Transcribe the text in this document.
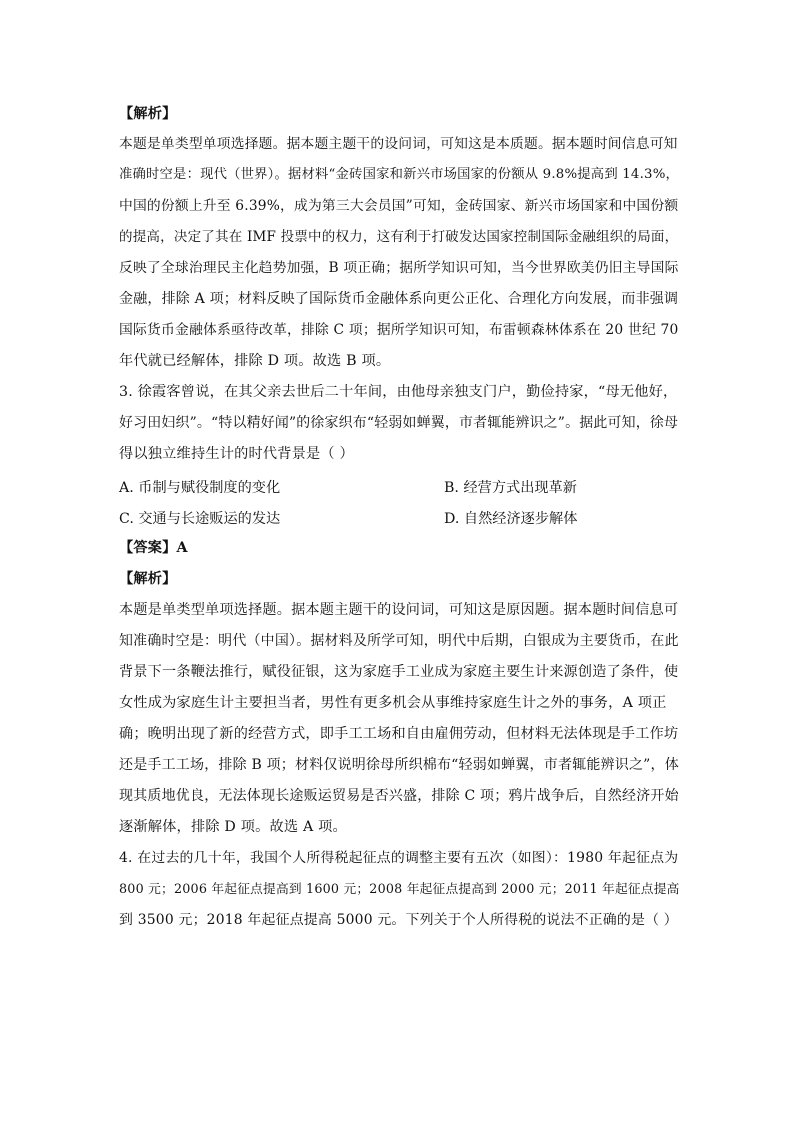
【解析】
本题是单类型单项选择题。据本题主题干的设问词，可知这是本质题。据本题时间信息可知
准确时空是：现代（世界）。据材料“金砖国家和新兴市场国家的份额从 9.8%提高到 14.3%，
中国的份额上升至 6.39%，成为第三大会员国”可知，金砖国家、新兴市场国家和中国份额
的提高，决定了其在 IMF 投票中的权力，这有利于打破发达国家控制国际金融组织的局面，
反映了全球治理民主化趋势加强，B 项正确；据所学知识可知，当今世界欧美仍旧主导国际
金融，排除 A 项；材料反映了国际货币金融体系向更公正化、合理化方向发展，而非强调
国际货币金融体系亟待改革，排除 C 项；据所学知识可知，布雷顿森林体系在 20 世纪 70
年代就已经解体，排除 D 项。故选 B 项。
3. 徐霞客曾说，在其父亲去世后二十年间，由他母亲独支门户，勤俭持家，“母无他好，
好习田妇织”。“特以精好闻”的徐家织布“轻弱如蝉翼，市者辄能辨识之”。据此可知，徐母
得以独立维持生计的时代背景是（ ）
A. 币制与赋役制度的变化	B. 经营方式出现革新
C. 交通与长途贩运的发达	D. 自然经济逐步解体
【答案】A
【解析】
本题是单类型单项选择题。据本题主题干的设问词，可知这是原因题。据本题时间信息可
知准确时空是：明代（中国）。据材料及所学可知，明代中后期，白银成为主要货币，在此
背景下一条鞭法推行，赋役征银，这为家庭手工业成为家庭主要生计来源创造了条件，使
女性成为家庭生计主要担当者，男性有更多机会从事维持家庭生计之外的事务，A 项正
确；晚明出现了新的经营方式，即手工工场和自由雇佣劳动，但材料无法体现是手工作坊
还是手工工场，排除 B 项；材料仅说明徐母所织棉布“轻弱如蝉翼，市者辄能辨识之”，体
现其质地优良，无法体现长途贩运贸易是否兴盛，排除 C 项；鸦片战争后，自然经济开始
逐渐解体，排除 D 项。故选 A 项。
4. 在过去的几十年，我国个人所得税起征点的调整主要有五次（如图）：1980 年起征点为
800 元；2006 年起征点提高到 1600 元；2008 年起征点提高到 2000 元；2011 年起征点提高
到 3500 元；2018 年起征点提高 5000 元。下列关于个人所得税的说法不正确的是（ ）
